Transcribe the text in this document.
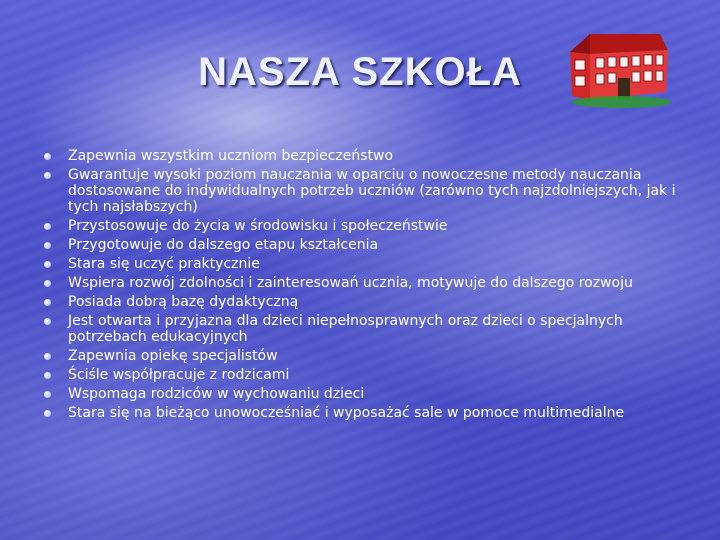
NASZA SZKOŁA
Zapewnia wszystkim uczniom bezpieczeństwo
Gwarantuje wysoki poziom nauczania w oparciu o nowoczesne metody nauczania dostosowane do indywidualnych potrzeb uczniów (zarówno tych najzdolniejszych, jak i tych najsłabszych)
Przystosowuje do życia w środowisku i społeczeństwie
Przygotowuje do dalszego etapu kształcenia
Stara się uczyć praktycznie
Wspiera rozwój zdolności i zainteresowań ucznia, motywuje do dalszego rozwoju
Posiada dobrą bazę dydaktyczną
Jest otwarta i przyjazna dla dzieci niepełnosprawnych oraz dzieci o specjalnych potrzebach edukacyjnych
Zapewnia opiekę specjalistów
Ściśle współpracuje z rodzicami
Wspomaga rodziców w wychowaniu dzieci
Stara się na bieżąco unowocześniać i wyposażać sale w pomoce multimedialne
